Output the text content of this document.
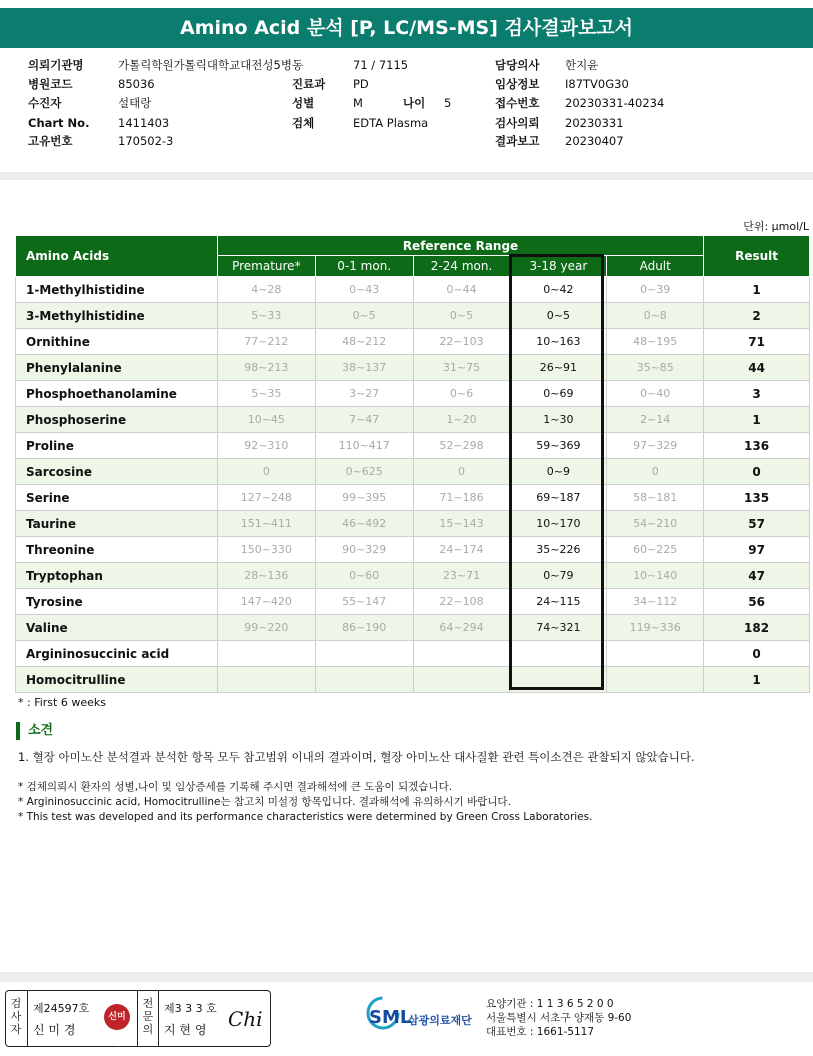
Amino Acid 분석 [P, LC/MS-MS] 검사결과보고서
의뢰기관명	가톨릭학원가톨릭대학교대전성5병동	71 / 7115	담당의사 한지윤
병원코드	85036	진료과 PD	임상정보 I87TV0G30
수진자	설태랑	성별	M	나이 5	접수번호 20230331-40234
Chart No. 1411403	검체	EDTA Plasma	검사의뢰 20230331
고유번호	170502-3	결과보고 20230407
단위: μmol/L
Amino Acids	Reference Range					Result
	Premature*	0-1 mon.	2-24 mon.	3-18 year	Adult	
1-Methylhistidine	4~28	0~43	0~44	0~42	0~39	1
3-Methylhistidine	5~33	0~5	0~5	0~5	0~8	2
Ornithine	77~212	48~212	22~103	10~163	48~195	71
Phenylalanine	98~213	38~137	31~75	26~91	35~85	44
Phosphoethanolamine	5~35	3~27	0~6	0~69	0~40	3
Phosphoserine	10~45	7~47	1~20	1~30	2~14	1
Proline	92~310	110~417	52~298	59~369	97~329	136
Sarcosine	0	0~625	0	0~9	0	0
Serine	127~248	99~395	71~186	69~187	58~181	135
Taurine	151~411	46~492	15~143	10~170	54~210	57
Threonine	150~330	90~329	24~174	35~226	60~225	97
Tryptophan	28~136	0~60	23~71	0~79	10~140	47
Tyrosine	147~420	55~147	22~108	24~115	34~112	56
Valine	99~220	86~190	64~294	74~321	119~336	182
Argininosuccinic acid						0
Homocitrulline						1
* : First 6 weeks
소견
1. 혈장 아미노산 분석결과 분석한 항목 모두 참고범위 이내의 결과이며, 혈장 아미노산 대사질환 관련 특이소견은 관찰되지 않았습니다.
* 검체의뢰시 환자의 성별,나이 및 임상증세를 기록해 주시면 결과해석에 큰 도움이 되겠습니다.
* Argininosuccinic acid, Homocitrulline는 참고치 미설정 항목입니다. 결과해석에 유의하시기 바랍니다.
* This test was developed and its performance characteristics were determined by Green Cross Laboratories.
검사자
제24597호
신 미 경
신미경
전문의
제3 3 3 호
지 현 영 Chi	SML
삼광의료재단
요양기관 : 1 1 3 6 5 2 0 0
서울특별시 서초구 양재동 9-60
대표번호 : 1661-5117
